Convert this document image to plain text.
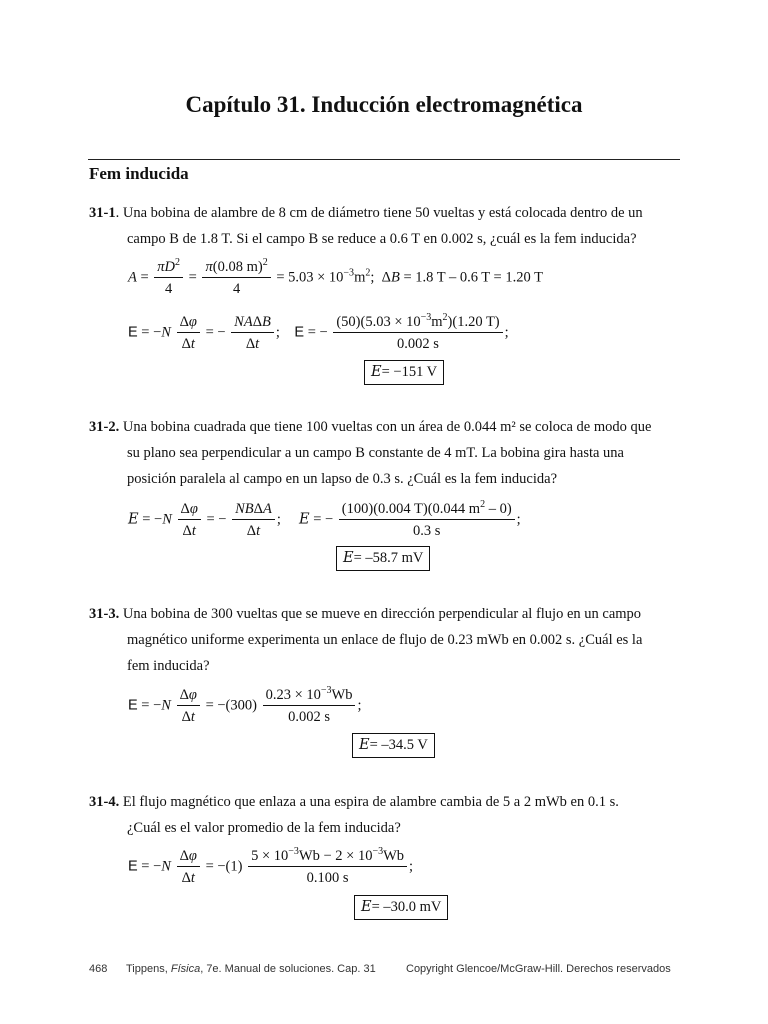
Capítulo 31. Inducción electromagnética
Fem inducida
31-1. Una bobina de alambre de 8 cm de diámetro tiene 50 vueltas y está colocada dentro de un
campo B de 1.8 T. Si el campo B se reduce a 0.6 T en 0.002 s, ¿cuál es la fem inducida?
$A = \frac{\pi D^2}{4} = \frac{\pi(0.08 m)^2}{4} = 5.03 \times 10^{-3}m^2$;  ΔB = 1.8 T – 0.6 T = 1.20 T
$E = -N \frac{\Delta\varphi}{\Delta t}$ = − $\frac{\text{NAΔB}}{\Delta t}$ ;    E = − $\frac{(50)(5.03 \times 10^{-3}m^2)(1.20 T)}{0.002 s}$ ;
E= −151 V
31-2. Una bobina cuadrada que tiene 100 vueltas con un área de 0.044 m² se coloca de modo que
su plano sea perpendicular a un campo B constante de 4 mT. La bobina gira hasta una
posición paralela al campo en un lapso de 0.3 s. ¿Cuál es la fem inducida?
$E = -N \frac{\Delta\varphi}{\Delta t}$ = − $\frac{\text{NBΔA}}{\Delta t}$ ;     E = − $\frac{(100)(0.004 T)(0.044 m^2 - 0)}{0.3 s}$ ;
E= –58.7 mV
31-3. Una bobina de 300 vueltas que se mueve en dirección perpendicular al flujo en un campo
magnético uniforme experimenta un enlace de flujo de 0.23 mWb en 0.002 s. ¿Cuál es la
fem inducida?
$E = -N \frac{\Delta\varphi}{\Delta t} = -(300) \frac{0.23 \times 10^{-3}Wb}{0.002 s}$ ;
E= –34.5 V
31-4. El flujo magnético que enlaza a una espira de alambre cambia de 5 a 2 mWb en 0.1 s.
¿Cuál es el valor promedio de la fem inducida?
$E = -N \frac{\Delta\varphi}{\Delta t} = -(1) \frac{5 \times 10^{-3}Wb - 2 \times 10^{-3}Wb}{0.100 s}$ ;
E= –30.0 mV
468 Tippens, Física, 7e. Manual de soluciones. Cap. 31	Copyright Glencoe/McGraw-Hill. Derechos reservados
